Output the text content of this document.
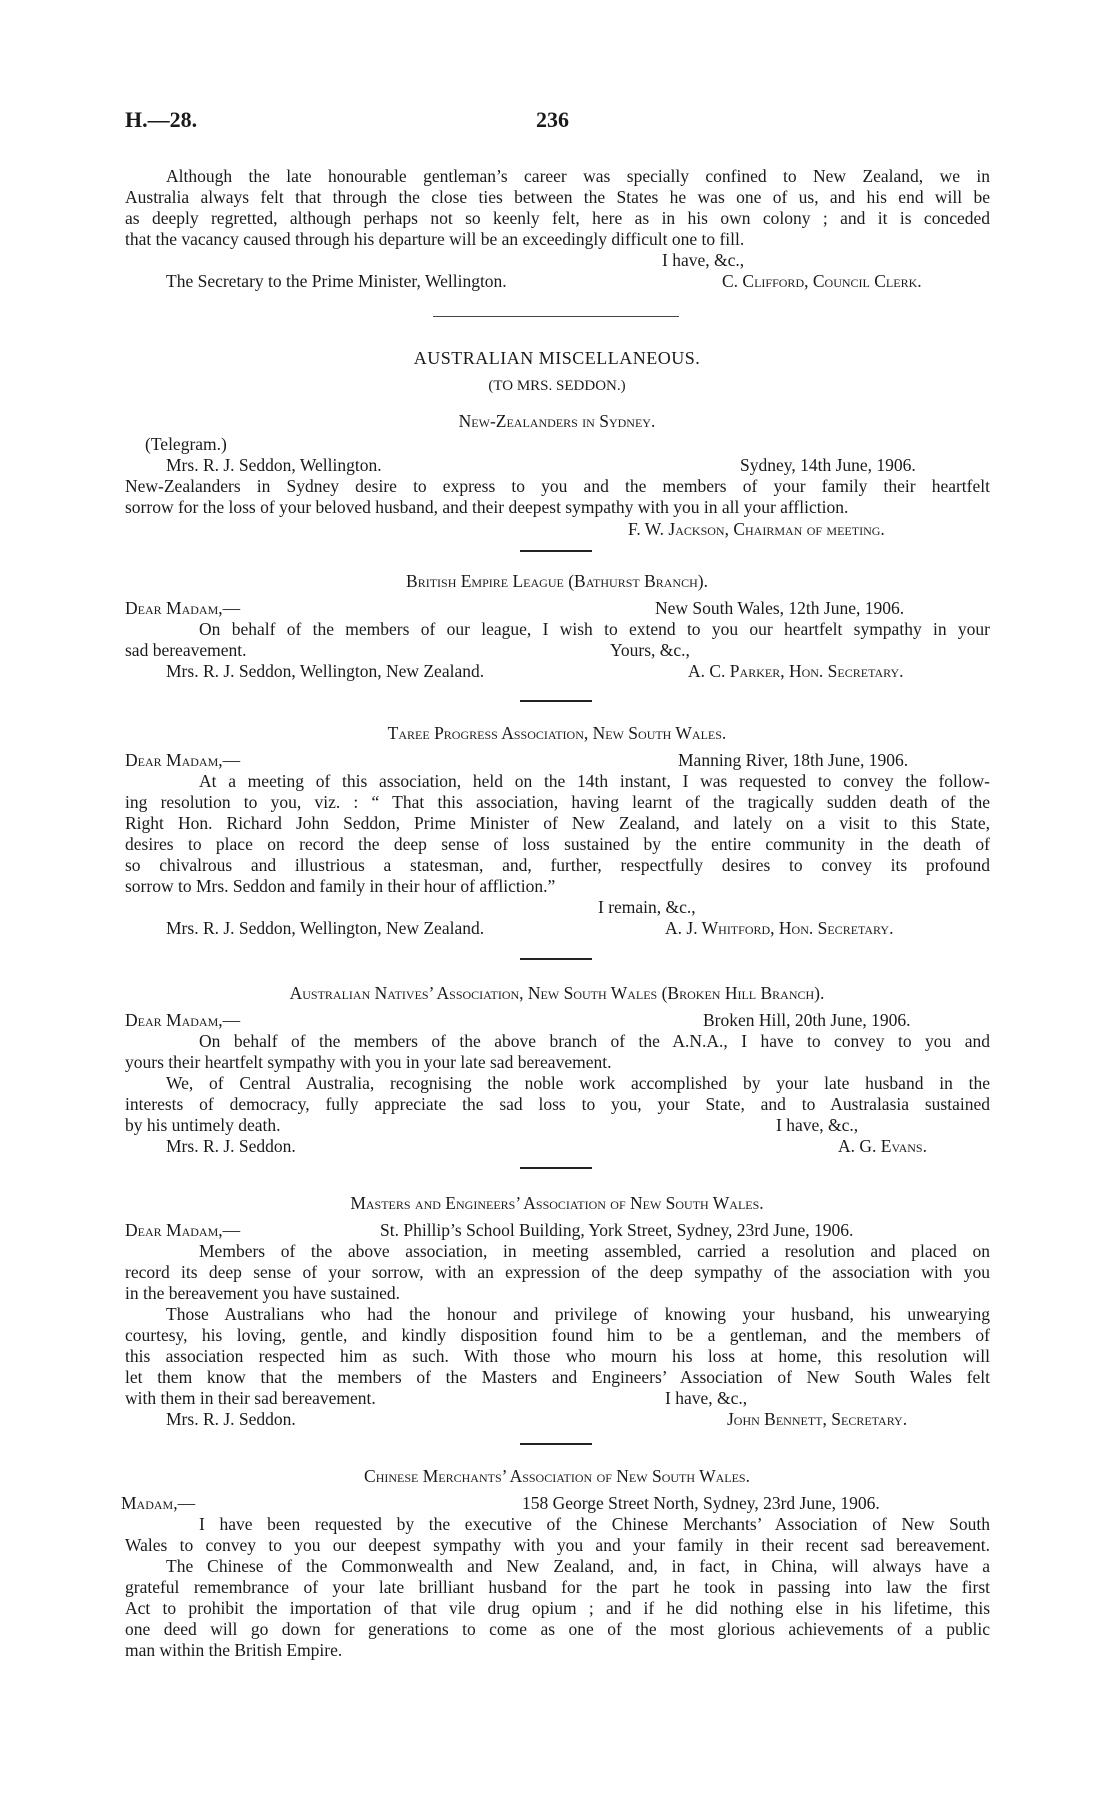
H.—28.	236
Although the late honourable gentleman’s career was specially confined to New Zealand, we in
Australia always felt that through the close ties between the States he was one of us, and his end will be
as deeply regretted, although perhaps not so keenly felt, here as in his own colony ; and it is conceded
that the vacancy caused through his departure will be an exceedingly difficult one to fill.
I have, &c.,
The Secretary to the Prime Minister, Wellington.	C. Clifford, Council Clerk.
AUSTRALIAN MISCELLANEOUS.
(TO MRS. SEDDON.)
New-Zealanders in Sydney.
(Telegram.)
Mrs. R. J. Seddon, Wellington.	Sydney, 14th June, 1906.
New-Zealanders in Sydney desire to express to you and the members of your family their heartfelt
sorrow for the loss of your beloved husband, and their deepest sympathy with you in all your affliction.
F. W. Jackson, Chairman of meeting.
British Empire League (Bathurst Branch).
Dear Madam,—	New South Wales, 12th June, 1906.
On behalf of the members of our league, I wish to extend to you our heartfelt sympathy in your
sad bereavement.	Yours, &c.,
Mrs. R. J. Seddon, Wellington, New Zealand.	A. C. Parker, Hon. Secretary.
Taree Progress Association, New South Wales.
Dear Madam,—	Manning River, 18th June, 1906.
At a meeting of this association, held on the 14th instant, I was requested to convey the follow-
ing resolution to you, viz. : “ That this association, having learnt of the tragically sudden death of the
Right Hon. Richard John Seddon, Prime Minister of New Zealand, and lately on a visit to this State,
desires to place on record the deep sense of loss sustained by the entire community in the death of
so chivalrous and illustrious a statesman, and, further, respectfully desires to convey its profound
sorrow to Mrs. Seddon and family in their hour of affliction.”
I remain, &c.,
Mrs. R. J. Seddon, Wellington, New Zealand.	A. J. Whitford, Hon. Secretary.
Australian Natives’ Association, New South Wales (Broken Hill Branch).
Dear Madam,—	Broken Hill, 20th June, 1906.
On behalf of the members of the above branch of the A.N.A., I have to convey to you and
yours their heartfelt sympathy with you in your late sad bereavement.
We, of Central Australia, recognising the noble work accomplished by your late husband in the
interests of democracy, fully appreciate the sad loss to you, your State, and to Australasia sustained
by his untimely death.	I have, &c.,
Mrs. R. J. Seddon.	A. G. Evans.
Masters and Engineers’ Association of New South Wales.
Dear Madam,—	St. Phillip’s School Building, York Street, Sydney, 23rd June, 1906.
Members of the above association, in meeting assembled, carried a resolution and placed on
record its deep sense of your sorrow, with an expression of the deep sympathy of the association with you
in the bereavement you have sustained.
Those Australians who had the honour and privilege of knowing your husband, his unwearying
courtesy, his loving, gentle, and kindly disposition found him to be a gentleman, and the members of
this association respected him as such. With those who mourn his loss at home, this resolution will
let them know that the members of the Masters and Engineers’ Association of New South Wales felt
with them in their sad bereavement.	I have, &c.,
Mrs. R. J. Seddon.	John Bennett, Secretary.
Chinese Merchants’ Association of New South Wales.
Madam,—	158 George Street North, Sydney, 23rd June, 1906.
I have been requested by the executive of the Chinese Merchants’ Association of New South
Wales to convey to you our deepest sympathy with you and your family in their recent sad bereavement.
The Chinese of the Commonwealth and New Zealand, and, in fact, in China, will always have a
grateful remembrance of your late brilliant husband for the part he took in passing into law the first
Act to prohibit the importation of that vile drug opium ; and if he did nothing else in his lifetime, this
one deed will go down for generations to come as one of the most glorious achievements of a public
man within the British Empire.
